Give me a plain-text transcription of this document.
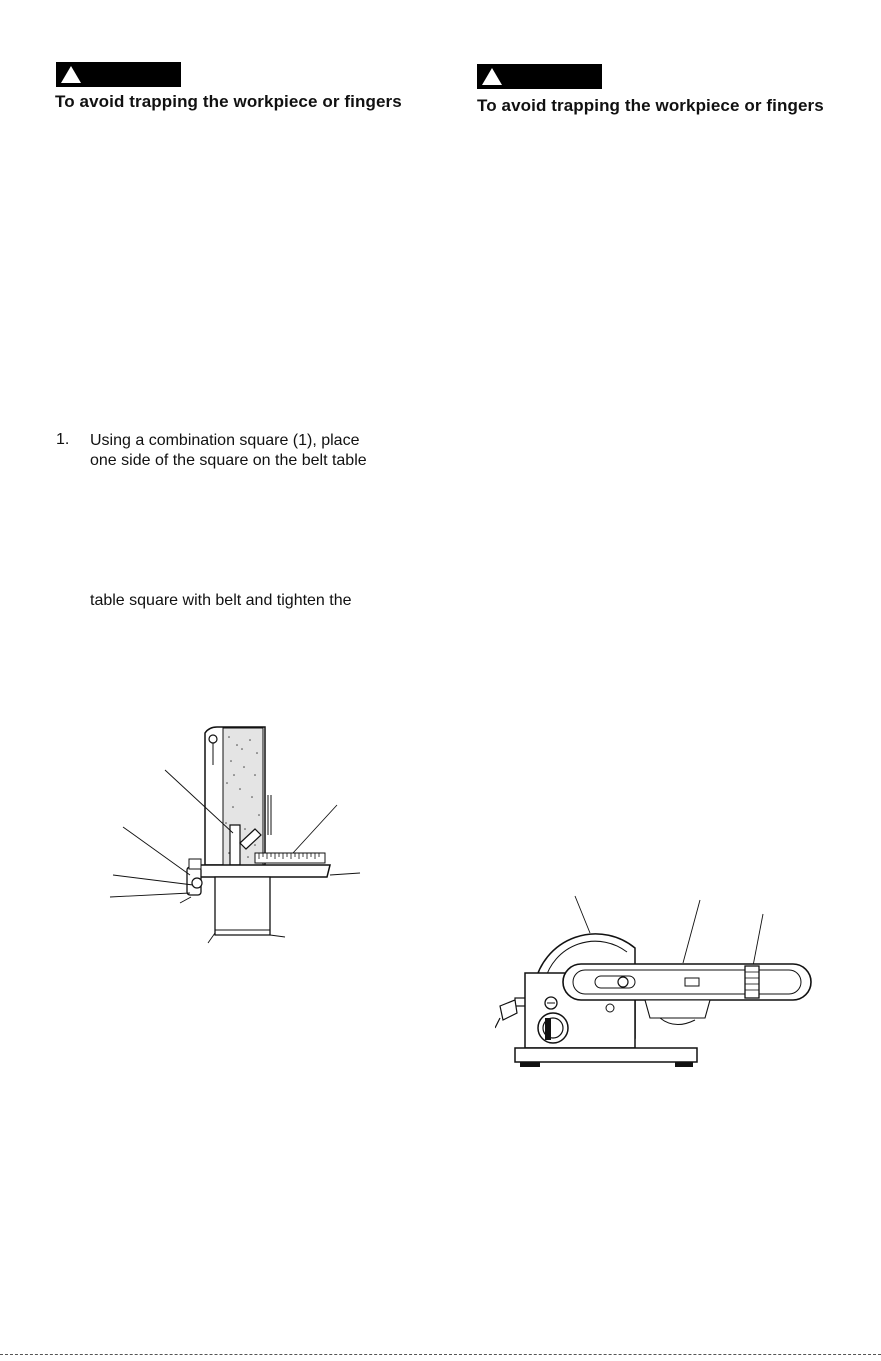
To avoid trapping the workpiece or fingers
1. Using a combination square (1), place
one side of the square on the belt table
table square with belt and tighten the
To avoid trapping the workpiece or fingers
